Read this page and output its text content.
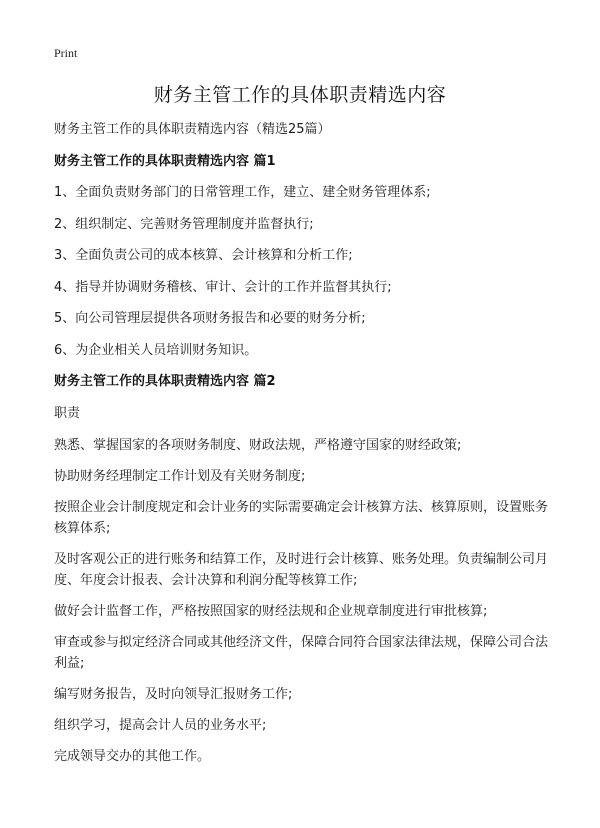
Print
财务主管工作的具体职责精选内容
财务主管工作的具体职责精选内容（精选25篇）
财务主管工作的具体职责精选内容 篇1
1、全面负责财务部门的日常管理工作，建立、建全财务管理体系;
2、组织制定、完善财务管理制度并监督执行;
3、全面负责公司的成本核算、会计核算和分析工作;
4、指导并协调财务稽核、审计、会计的工作并监督其执行;
5、向公司管理层提供各项财务报告和必要的财务分析;
6、为企业相关人员培训财务知识。
财务主管工作的具体职责精选内容 篇2
职责
熟悉、掌握国家的各项财务制度、财政法规，严格遵守国家的财经政策;
协助财务经理制定工作计划及有关财务制度;
按照企业会计制度规定和会计业务的实际需要确定会计核算方法、核算原则，设置账务核算体系;
及时客观公正的进行账务和结算工作，及时进行会计核算、账务处理。负责编制公司月度、年度会计报表、会计决算和利润分配等核算工作;
做好会计监督工作，严格按照国家的财经法规和企业规章制度进行审批核算;
审查或参与拟定经济合同或其他经济文件，保障合同符合国家法律法规，保障公司合法利益;
编写财务报告，及时向领导汇报财务工作;
组织学习，提高会计人员的业务水平;
完成领导交办的其他工作。
